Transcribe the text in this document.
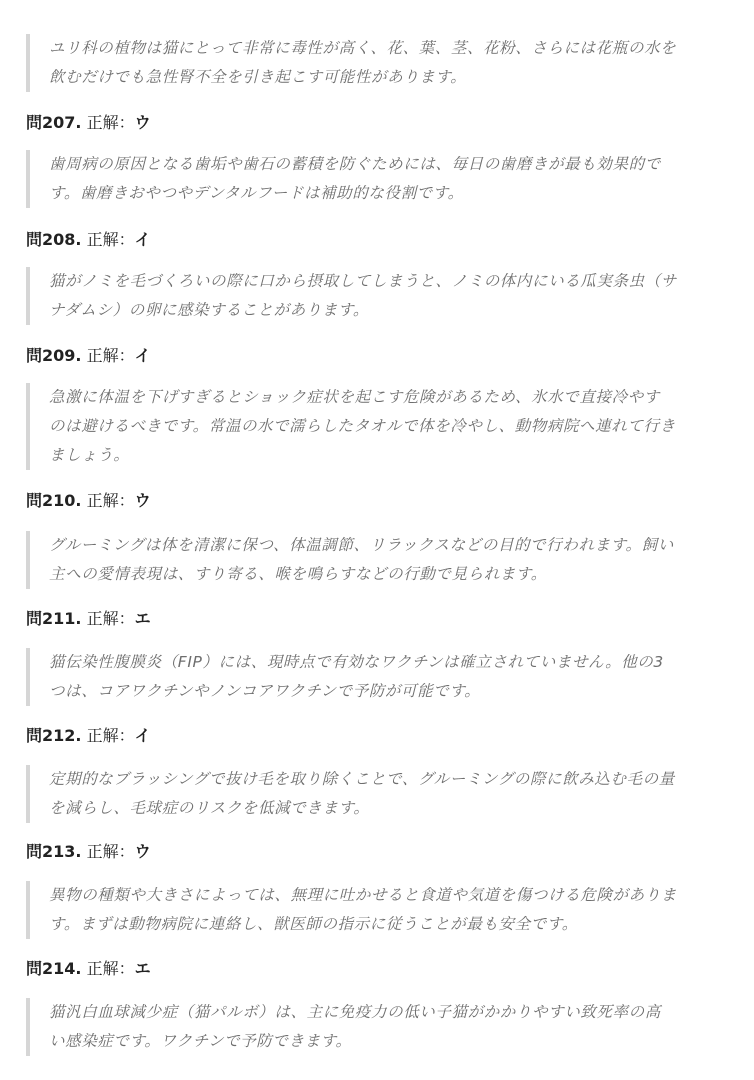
ユリ科の植物は猫にとって非常に毒性が高く、花、葉、茎、花粉、さらには花瓶の水を

飲むだけでも急性腎不全を引き起こす可能性があります。

問207. 正解：ウ

歯周病の原因となる歯垢や歯石の蓄積を防ぐためには、毎日の歯磨きが最も効果的で

す。歯磨きおやつやデンタルフードは補助的な役割です。

問208. 正解：イ

猫がノミを毛づくろいの際に口から摂取してしまうと、ノミの体内にいる瓜実条虫（サ

ナダムシ）の卵に感染することがあります。

問209. 正解：イ

急激に体温を下げすぎるとショック症状を起こす危険があるため、氷水で直接冷やす

のは避けるべきです。常温の水で濡らしたタオルで体を冷やし、動物病院へ連れて行き

ましょう。

問210. 正解：ウ

グルーミングは体を清潔に保つ、体温調節、リラックスなどの目的で行われます。飼い

主への愛情表現は、すり寄る、喉を鳴らすなどの行動で見られます。

問211. 正解：エ

猫伝染性腹膜炎（FIP）には、現時点で有効なワクチンは確立されていません。他の3

つは、コアワクチンやノンコアワクチンで予防が可能です。

問212. 正解：イ

定期的なブラッシングで抜け毛を取り除くことで、グルーミングの際に飲み込む毛の量

を減らし、毛球症のリスクを低減できます。

問213. 正解：ウ

異物の種類や大きさによっては、無理に吐かせると食道や気道を傷つける危険がありま

す。まずは動物病院に連絡し、獣医師の指示に従うことが最も安全です。

問214. 正解：エ

猫汎白血球減少症（猫パルボ）は、主に免疫力の低い子猫がかかりやすい致死率の高

い感染症です。ワクチンで予防できます。
